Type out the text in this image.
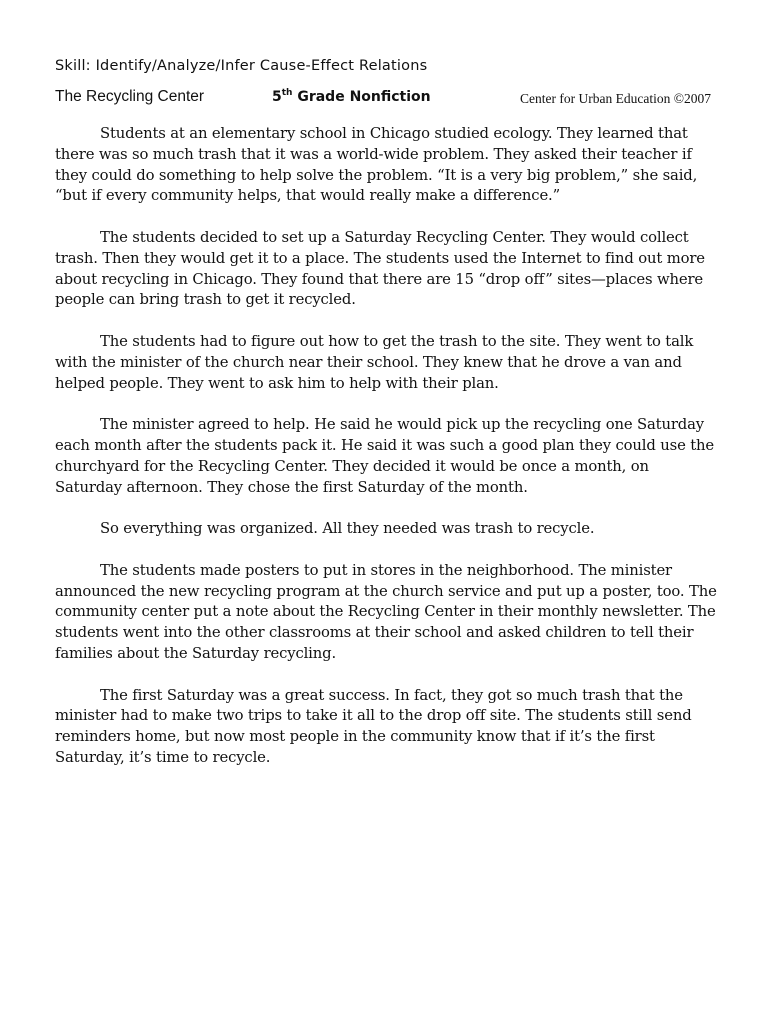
Skill: Identify/Analyze/Infer Cause-Effect Relations
The Recycling Center	5th Grade Nonfiction	Center for Urban Education ©2007

Students at an elementary school in Chicago studied ecology. They learned that there was so much trash that it was a world-wide problem. They asked their teacher if they could do something to help solve the problem. “It is a very big problem,” she said, “but if every community helps, that would really make a difference.”

The students decided to set up a Saturday Recycling Center. They would collect trash. Then they would get it to a place. The students used the Internet to find out more about recycling in Chicago. They found that there are 15 “drop off” sites—places where people can bring trash to get it recycled.

The students had to figure out how to get the trash to the site. They went to talk with the minister of the church near their school. They knew that he drove a van and helped people. They went to ask him to help with their plan.

The minister agreed to help. He said he would pick up the recycling one Saturday each month after the students pack it. He said it was such a good plan they could use the churchyard for the Recycling Center. They decided it would be once a month, on Saturday afternoon. They chose the first Saturday of the month.

So everything was organized. All they needed was trash to recycle.

The students made posters to put in stores in the neighborhood. The minister announced the new recycling program at the church service and put up a poster, too. The community center put a note about the Recycling Center in their monthly newsletter. The students went into the other classrooms at their school and asked children to tell their families about the Saturday recycling.

The first Saturday was a great success. In fact, they got so much trash that the minister had to make two trips to take it all to the drop off site. The students still send reminders home, but now most people in the community know that if it’s the first Saturday, it’s time to recycle.
